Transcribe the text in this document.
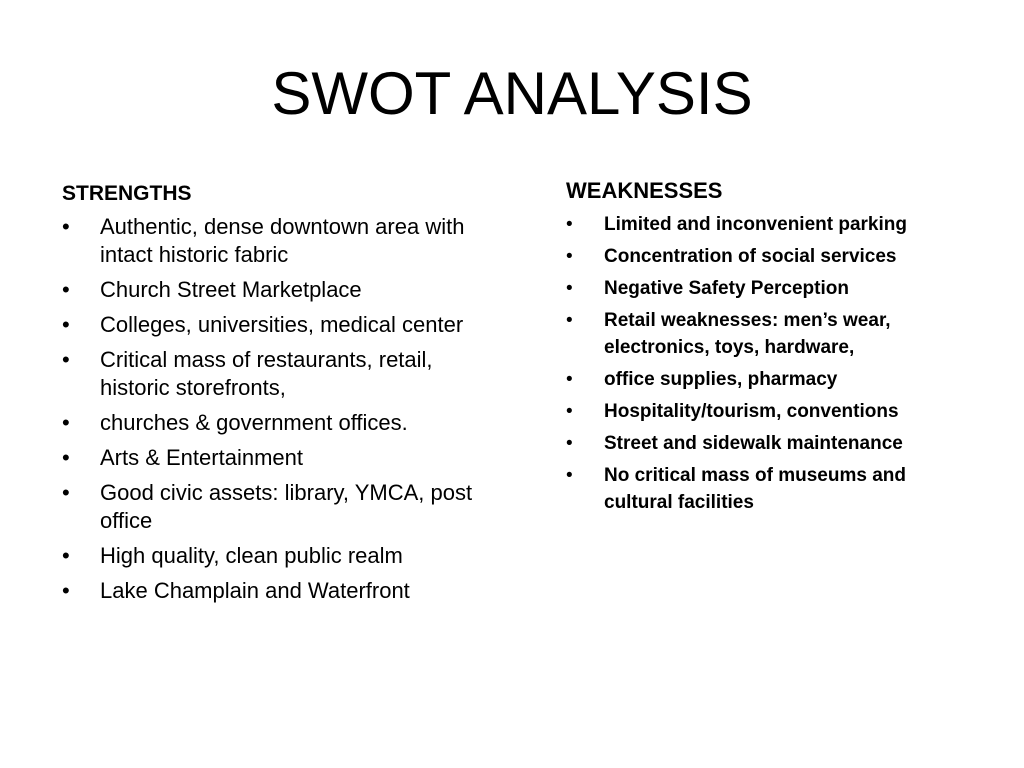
SWOT ANALYSIS
STRENGTHS
• Authentic, dense downtown area with intact historic fabric
• Church Street Marketplace
• Colleges, universities, medical center
• Critical mass of restaurants, retail, historic storefronts,
• churches & government offices.
• Arts & Entertainment
• Good civic assets: library, YMCA, post office
• High quality, clean public realm
• Lake Champlain and Waterfront
WEAKNESSES
• Limited and inconvenient parking
• Concentration of social services
• Negative Safety Perception
• Retail weaknesses: men’s wear, electronics, toys, hardware,
• office supplies, pharmacy
• Hospitality/tourism, conventions
• Street and sidewalk maintenance
• No critical mass of museums and cultural facilities
